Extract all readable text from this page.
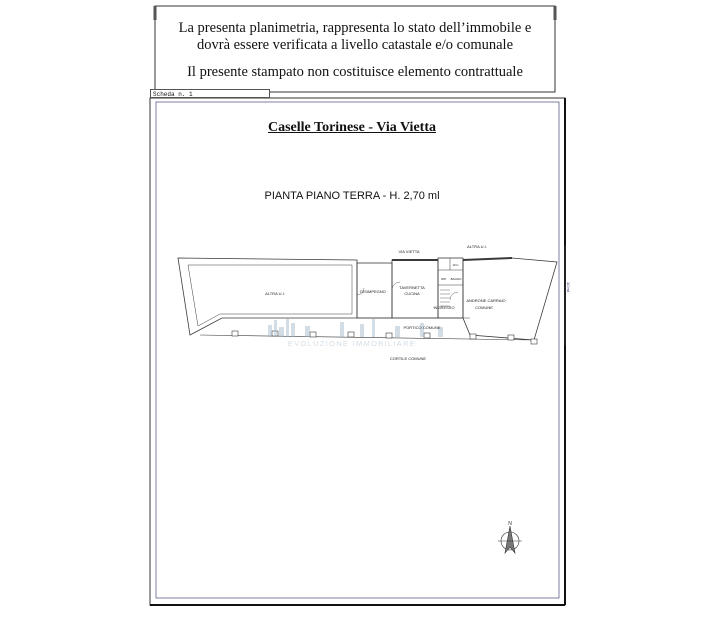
10 mt
EVOLUZIONE IMMOBILIARE
VIA VIETTA
ALTRA U.I.
ALTRA U.I.	DISIMPEGNO
TAVERNETTA
CUCINA
INGRESSO
ANDRONE CARRAIO
COMUNE
PORTICO COMUNE
CORTILE COMUNE
W.C.
BAGNO
RIP.
N
La presenta planimetria, rappresenta lo stato dell’immobile e
dovrà essere verificata a livello catastale e/o comunale
Il presente stampato non costituisce elemento contrattuale
Scheda n. 1
Caselle Torinese - Via Vietta
PIANTA PIANO TERRA - H. 2,70 ml
